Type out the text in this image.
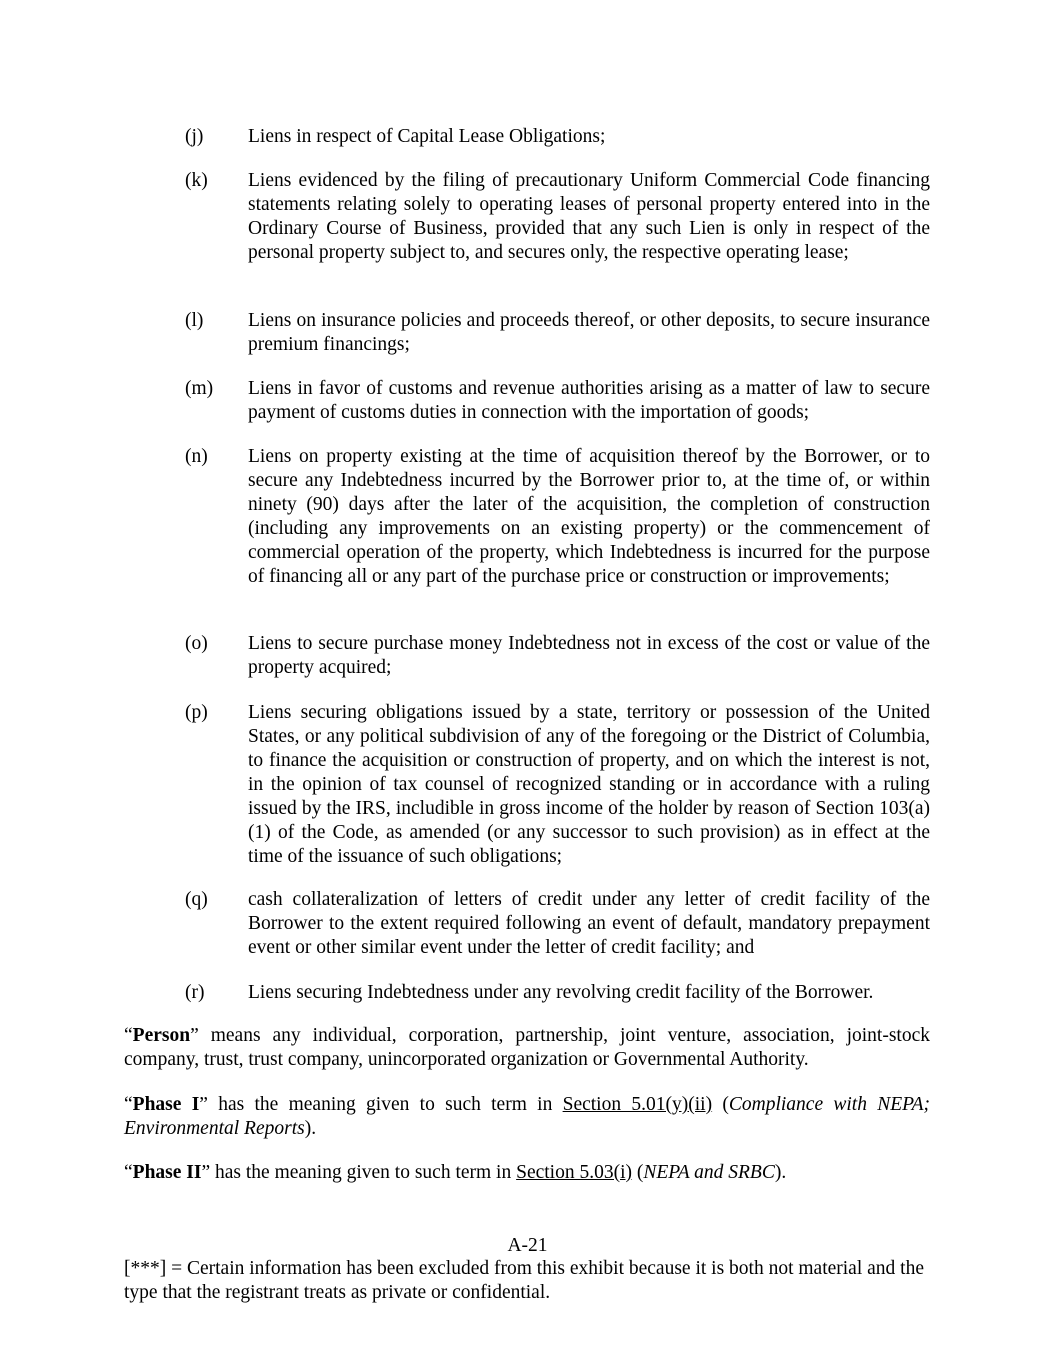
(j) Liens in respect of Capital Lease Obligations;
(k) Liens evidenced by the filing of precautionary Uniform Commercial Code financing statements relating solely to operating leases of personal property entered into in the Ordinary Course of Business, provided that any such Lien is only in respect of the personal property subject to, and secures only, the respective operating lease;
(l) Liens on insurance policies and proceeds thereof, or other deposits, to secure insurance premium financings;
(m) Liens in favor of customs and revenue authorities arising as a matter of law to secure payment of customs duties in connection with the importation of goods;
(n) Liens on property existing at the time of acquisition thereof by the Borrower, or to secure any Indebtedness incurred by the Borrower prior to, at the time of, or within ninety (90) days after the later of the acquisition, the completion of construction (including any improvements on an existing property) or the commencement of commercial operation of the property, which Indebtedness is incurred for the purpose of financing all or any part of the purchase price or construction or improvements;
(o) Liens to secure purchase money Indebtedness not in excess of the cost or value of the property acquired;
(p) Liens securing obligations issued by a state, territory or possession of the United States, or any political subdivision of any of the foregoing or the District of Columbia, to finance the acquisition or construction of property, and on which the interest is not, in the opinion of tax counsel of recognized standing or in accordance with a ruling issued by the IRS, includible in gross income of the holder by reason of Section 103(a)(1) of the Code, as amended (or any successor to such provision) as in effect at the time of the issuance of such obligations;
(q) cash collateralization of letters of credit under any letter of credit facility of the Borrower to the extent required following an event of default, mandatory prepayment event or other similar event under the letter of credit facility; and
(r) Liens securing Indebtedness under any revolving credit facility of the Borrower.
“Person” means any individual, corporation, partnership, joint venture, association, joint-stock company, trust, trust company, unincorporated organization or Governmental Authority.
“Phase I” has the meaning given to such term in Section 5.01(y)(ii) (Compliance with NEPA; Environmental Reports).
“Phase II” has the meaning given to such term in Section 5.03(i) (NEPA and SRBC).
A-21
[***] = Certain information has been excluded from this exhibit because it is both not material and the type that the registrant treats as private or confidential.
